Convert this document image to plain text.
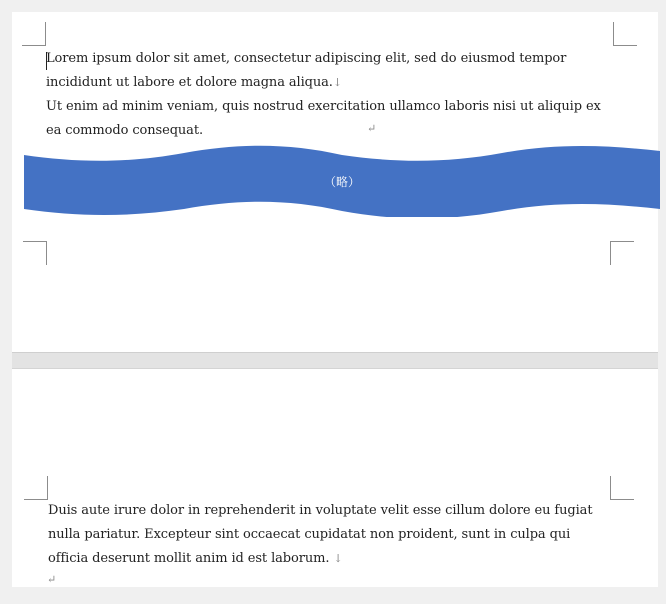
Lorem ipsum dolor sit amet, consectetur adipiscing elit, sed do eiusmod tempor incididunt ut labore et dolore magna aliqua.↓
Ut enim ad minim veniam, quis nostrud exercitation ullamco laboris nisi ut aliquip ex ea commodo consequat.	↵
（略）

Duis aute irure dolor in reprehenderit in voluptate velit esse cillum dolore eu fugiat nulla pariatur. Excepteur sint occaecat cupidatat non proident, sunt in culpa qui officia deserunt mollit anim id est laborum. ↓

↵
